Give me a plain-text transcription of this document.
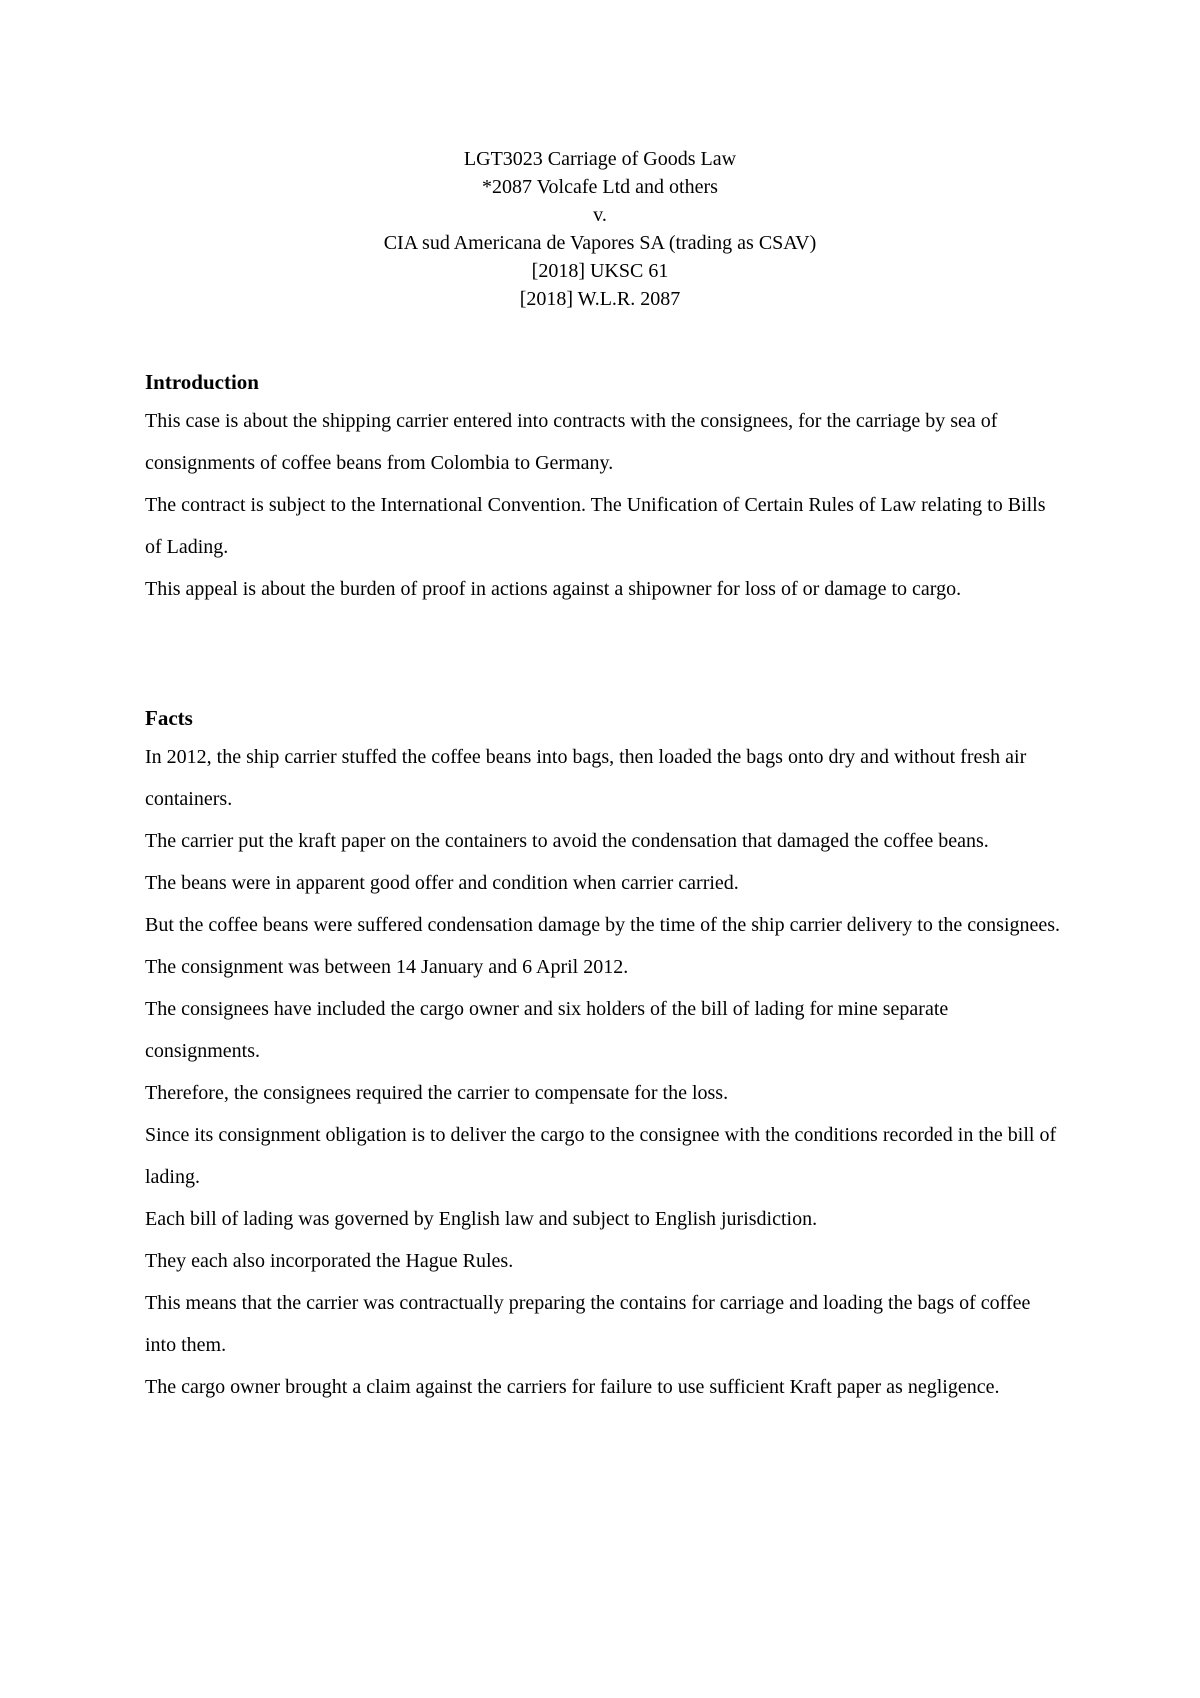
LGT3023 Carriage of Goods Law
*2087 Volcafe Ltd and others
v.
CIA sud Americana de Vapores SA (trading as CSAV)
[2018] UKSC 61
[2018] W.L.R. 2087
Introduction

This case is about the shipping carrier entered into contracts with the consignees, for the carriage by sea of consignments of coffee beans from Colombia to Germany.

The contract is subject to the International Convention. The Unification of Certain Rules of Law relating to Bills of Lading.

This appeal is about the burden of proof in actions against a shipowner for loss of or damage to cargo.

Facts

In 2012, the ship carrier stuffed the coffee beans into bags, then loaded the bags onto dry and without fresh air containers.

The carrier put the kraft paper on the containers to avoid the condensation that damaged the coffee beans.

The beans were in apparent good offer and condition when carrier carried.

But the coffee beans were suffered condensation damage by the time of the ship carrier delivery to the consignees.

The consignment was between 14 January and 6 April 2012.

The consignees have included the cargo owner and six holders of the bill of lading for mine separate consignments.

Therefore, the consignees required the carrier to compensate for the loss.

Since its consignment obligation is to deliver the cargo to the consignee with the conditions recorded in the bill of lading.

Each bill of lading was governed by English law and subject to English jurisdiction.

They each also incorporated the Hague Rules.

This means that the carrier was contractually preparing the contains for carriage and loading the bags of coffee into them.

The cargo owner brought a claim against the carriers for failure to use sufficient Kraft paper as negligence.
